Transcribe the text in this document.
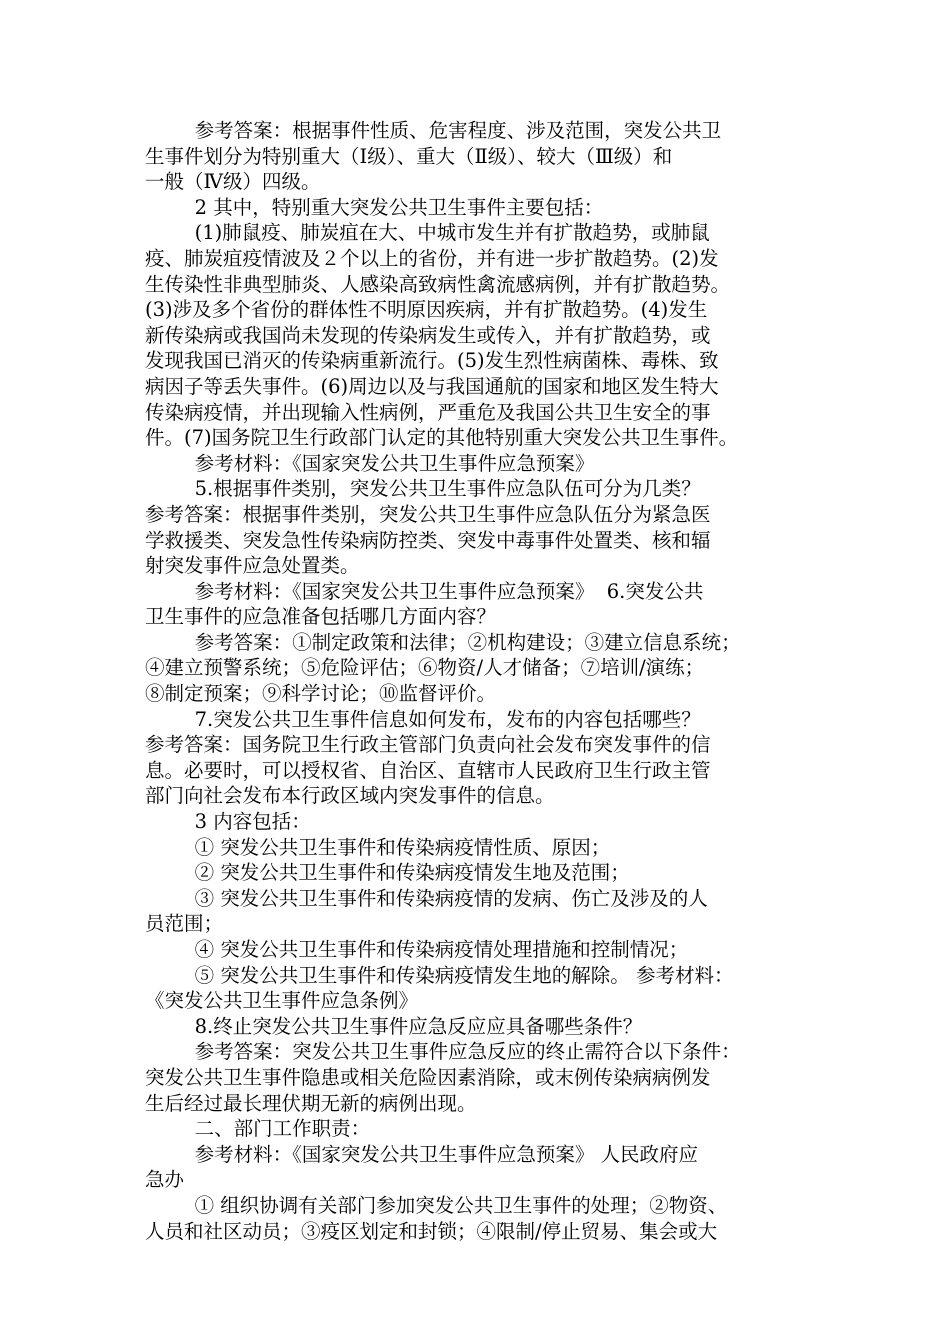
参考答案：根据事件性质、危害程度、涉及范围，突发公共卫
生事件划分为特别重大（Ⅰ级）、重大（Ⅱ级）、较大（Ⅲ级）和
一般（Ⅳ级）四级。
2 其中，特别重大突发公共卫生事件主要包括：
(1)肺鼠疫、肺炭疽在大、中城市发生并有扩散趋势，或肺鼠
疫、肺炭疽疫情波及２个以上的省份，并有进一步扩散趋势。(2)发
生传染性非典型肺炎、人感染高致病性禽流感病例，并有扩散趋势。
(3)涉及多个省份的群体性不明原因疾病，并有扩散趋势。(4)发生
新传染病或我国尚未发现的传染病发生或传入，并有扩散趋势，或
发现我国已消灭的传染病重新流行。(5)发生烈性病菌株、毒株、致
病因子等丢失事件。(6)周边以及与我国通航的国家和地区发生特大
传染病疫情，并出现输入性病例，严重危及我国公共卫生安全的事
件。(7)国务院卫生行政部门认定的其他特别重大突发公共卫生事件。
参考材料：《国家突发公共卫生事件应急预案》
5.根据事件类别，突发公共卫生事件应急队伍可分为几类？
参考答案：根据事件类别，突发公共卫生事件应急队伍分为紧急医
学救援类、突发急性传染病防控类、突发中毒事件处置类、核和辐
射突发事件应急处置类。
参考材料：《国家突发公共卫生事件应急预案》  6.突发公共
卫生事件的应急准备包括哪几方面内容？
参考答案：①制定政策和法律；②机构建设；③建立信息系统；
④建立预警系统；⑤危险评估；⑥物资/人才储备；⑦培训/演练；
⑧制定预案；⑨科学讨论；⑩监督评价。
7.突发公共卫生事件信息如何发布，发布的内容包括哪些？
参考答案：国务院卫生行政主管部门负责向社会发布突发事件的信
息。必要时，可以授权省、自治区、直辖市人民政府卫生行政主管
部门向社会发布本行政区域内突发事件的信息。
3 内容包括：
① 突发公共卫生事件和传染病疫情性质、原因；
② 突发公共卫生事件和传染病疫情发生地及范围；
③ 突发公共卫生事件和传染病疫情的发病、伤亡及涉及的人
员范围；
④ 突发公共卫生事件和传染病疫情处理措施和控制情况；
⑤ 突发公共卫生事件和传染病疫情发生地的解除。 参考材料：
《突发公共卫生事件应急条例》
8.终止突发公共卫生事件应急反应应具备哪些条件？
参考答案：突发公共卫生事件应急反应的终止需符合以下条件：
突发公共卫生事件隐患或相关危险因素消除，或末例传染病病例发
生后经过最长理伏期无新的病例出现。
二、部门工作职责：
参考材料：《国家突发公共卫生事件应急预案》 人民政府应
急办
① 组织协调有关部门参加突发公共卫生事件的处理；②物资、
人员和社区动员；③疫区划定和封锁；④限制/停止贸易、集会或大
